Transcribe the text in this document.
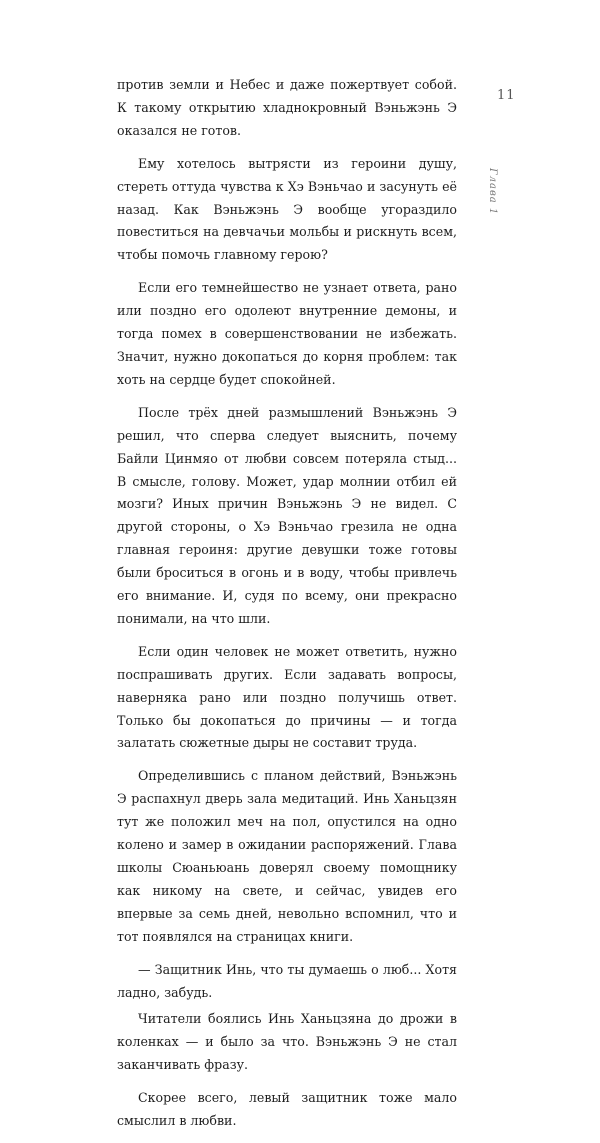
11
Глава 1

против земли и Небес и даже пожертвует собой. К такому открытию хладнокровный Вэньжэнь Э оказался не готов.

Ему хотелось вытрясти из героини душу, стереть оттуда чувства к Хэ Вэньчао и засунуть её назад. Как Вэньжэнь Э вообще угораздило повеститься на девчачьи мольбы и рискнуть всем, чтобы помочь главному герою?

Если его темнейшество не узнает ответа, рано или поздно его одолеют внутренние демоны, и тогда помех в совершенствовании не избежать. Значит, нужно докопаться до корня проблем: так хоть на сердце будет спокойней.

После трёх дней размышлений Вэньжэнь Э решил, что сперва следует выяснить, почему Байли Цинмяо от любви совсем потеряла стыд... В смысле, голову. Может, удар молнии отбил ей мозги? Иных причин Вэньжэнь Э не видел. С другой стороны, о Хэ Вэньчао грезила не одна главная героиня: другие девушки тоже готовы были броситься в огонь и в воду, чтобы привлечь его внимание. И, судя по всему, они прекрасно понимали, на что шли.

Если один человек не может ответить, нужно поспрашивать других. Если задавать вопросы, наверняка рано или поздно получишь ответ. Только бы докопаться до причины — и тогда залатать сюжетные дыры не составит труда.

Определившись с планом действий, Вэньжэнь Э распахнул дверь зала медитаций. Инь Ханьцзян тут же положил меч на пол, опустился на одно колено и замер в ожидании распоряжений. Глава школы Сюаньюань доверял своему помощнику как никому на свете, и сейчас, увидев его впервые за семь дней, невольно вспомнил, что и тот появлялся на страницах книги.

— Защитник Инь, что ты думаешь о люб... Хотя ладно, забудь.

Читатели боялись Инь Ханьцзяна до дрожи в коленках — и было за что. Вэньжэнь Э не стал заканчивать фразу.

Скорее всего, левый защитник тоже мало смыслил в любви.
